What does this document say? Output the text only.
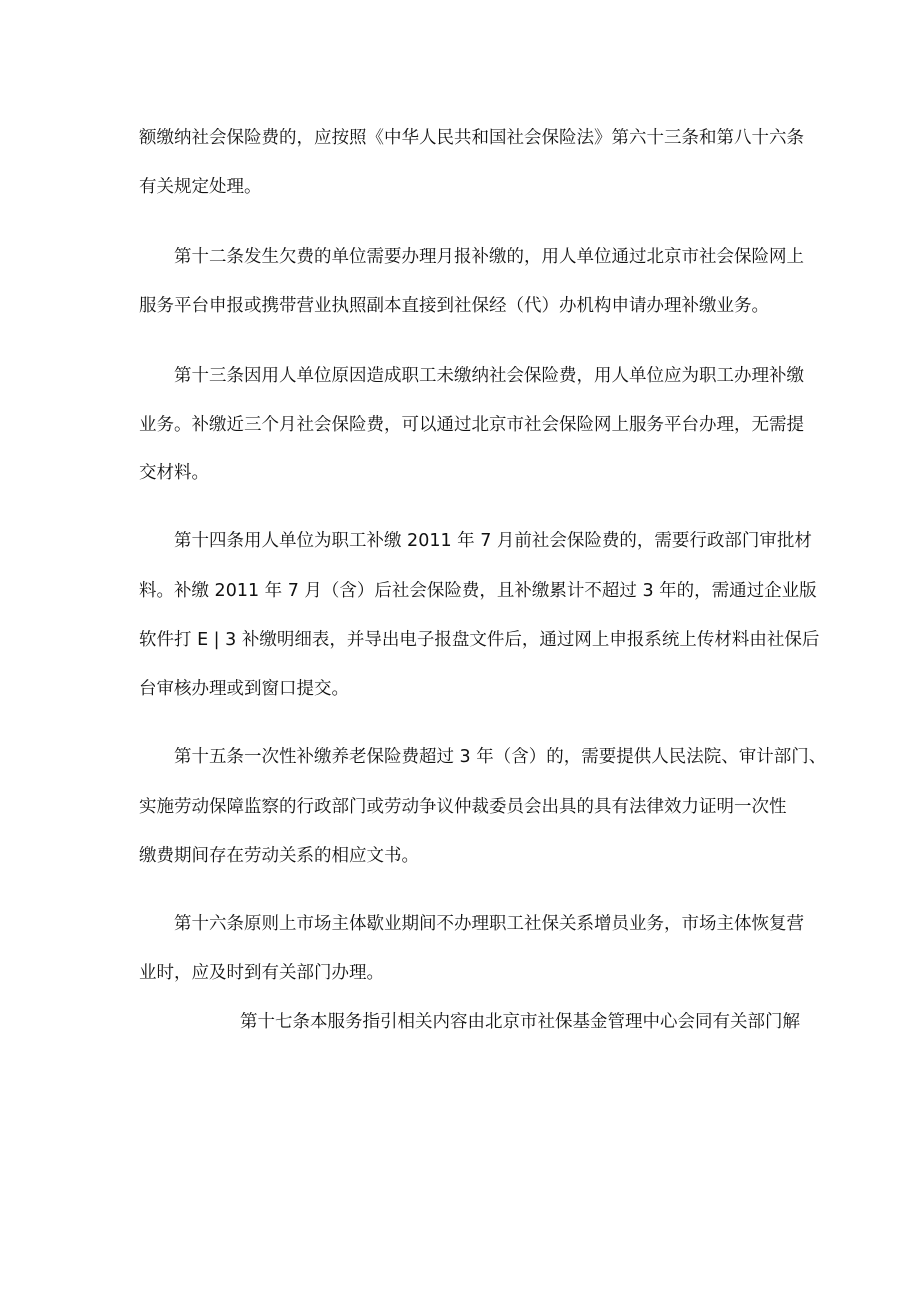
额缴纳社会保险费的，应按照《中华人民共和国社会保险法》第六十三条和第八十六条
有关规定处理。
第十二条发生欠费的单位需要办理月报补缴的，用人单位通过北京市社会保险网上
服务平台申报或携带营业执照副本直接到社保经（代）办机构申请办理补缴业务。
第十三条因用人单位原因造成职工未缴纳社会保险费，用人单位应为职工办理补缴
业务。补缴近三个月社会保险费，可以通过北京市社会保险网上服务平台办理，无需提
交材料。
第十四条用人单位为职工补缴 2011 年 7 月前社会保险费的，需要行政部门审批材
料。补缴 2011 年 7 月（含）后社会保险费，且补缴累计不超过 3 年的，需通过企业版
软件打 E | 3 补缴明细表，并导出电子报盘文件后，通过网上申报系统上传材料由社保后
台审核办理或到窗口提交。
第十五条一次性补缴养老保险费超过 3 年（含）的，需要提供人民法院、审计部门、
实施劳动保障监察的行政部门或劳动争议仲裁委员会出具的具有法律效力证明一次性
缴费期间存在劳动关系的相应文书。
第十六条原则上市场主体歇业期间不办理职工社保关系增员业务，市场主体恢复营
业时，应及时到有关部门办理。
第十七条本服务指引相关内容由北京市社保基金管理中心会同有关部门解
